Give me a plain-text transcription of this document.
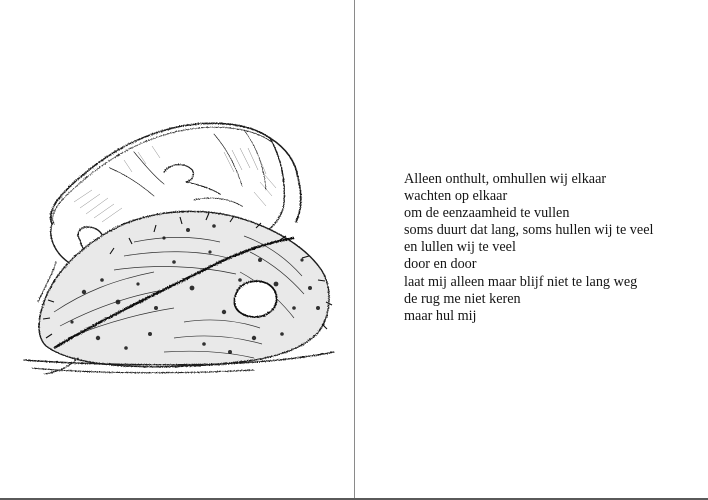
Alleen onthult, omhullen wij elkaar
wachten op elkaar
om de eenzaamheid te vullen
soms duurt dat lang, soms hullen wij te veel
en lullen wij te veel
door en door
laat mij alleen maar blijf niet te lang weg
de rug me niet keren
maar hul mij
